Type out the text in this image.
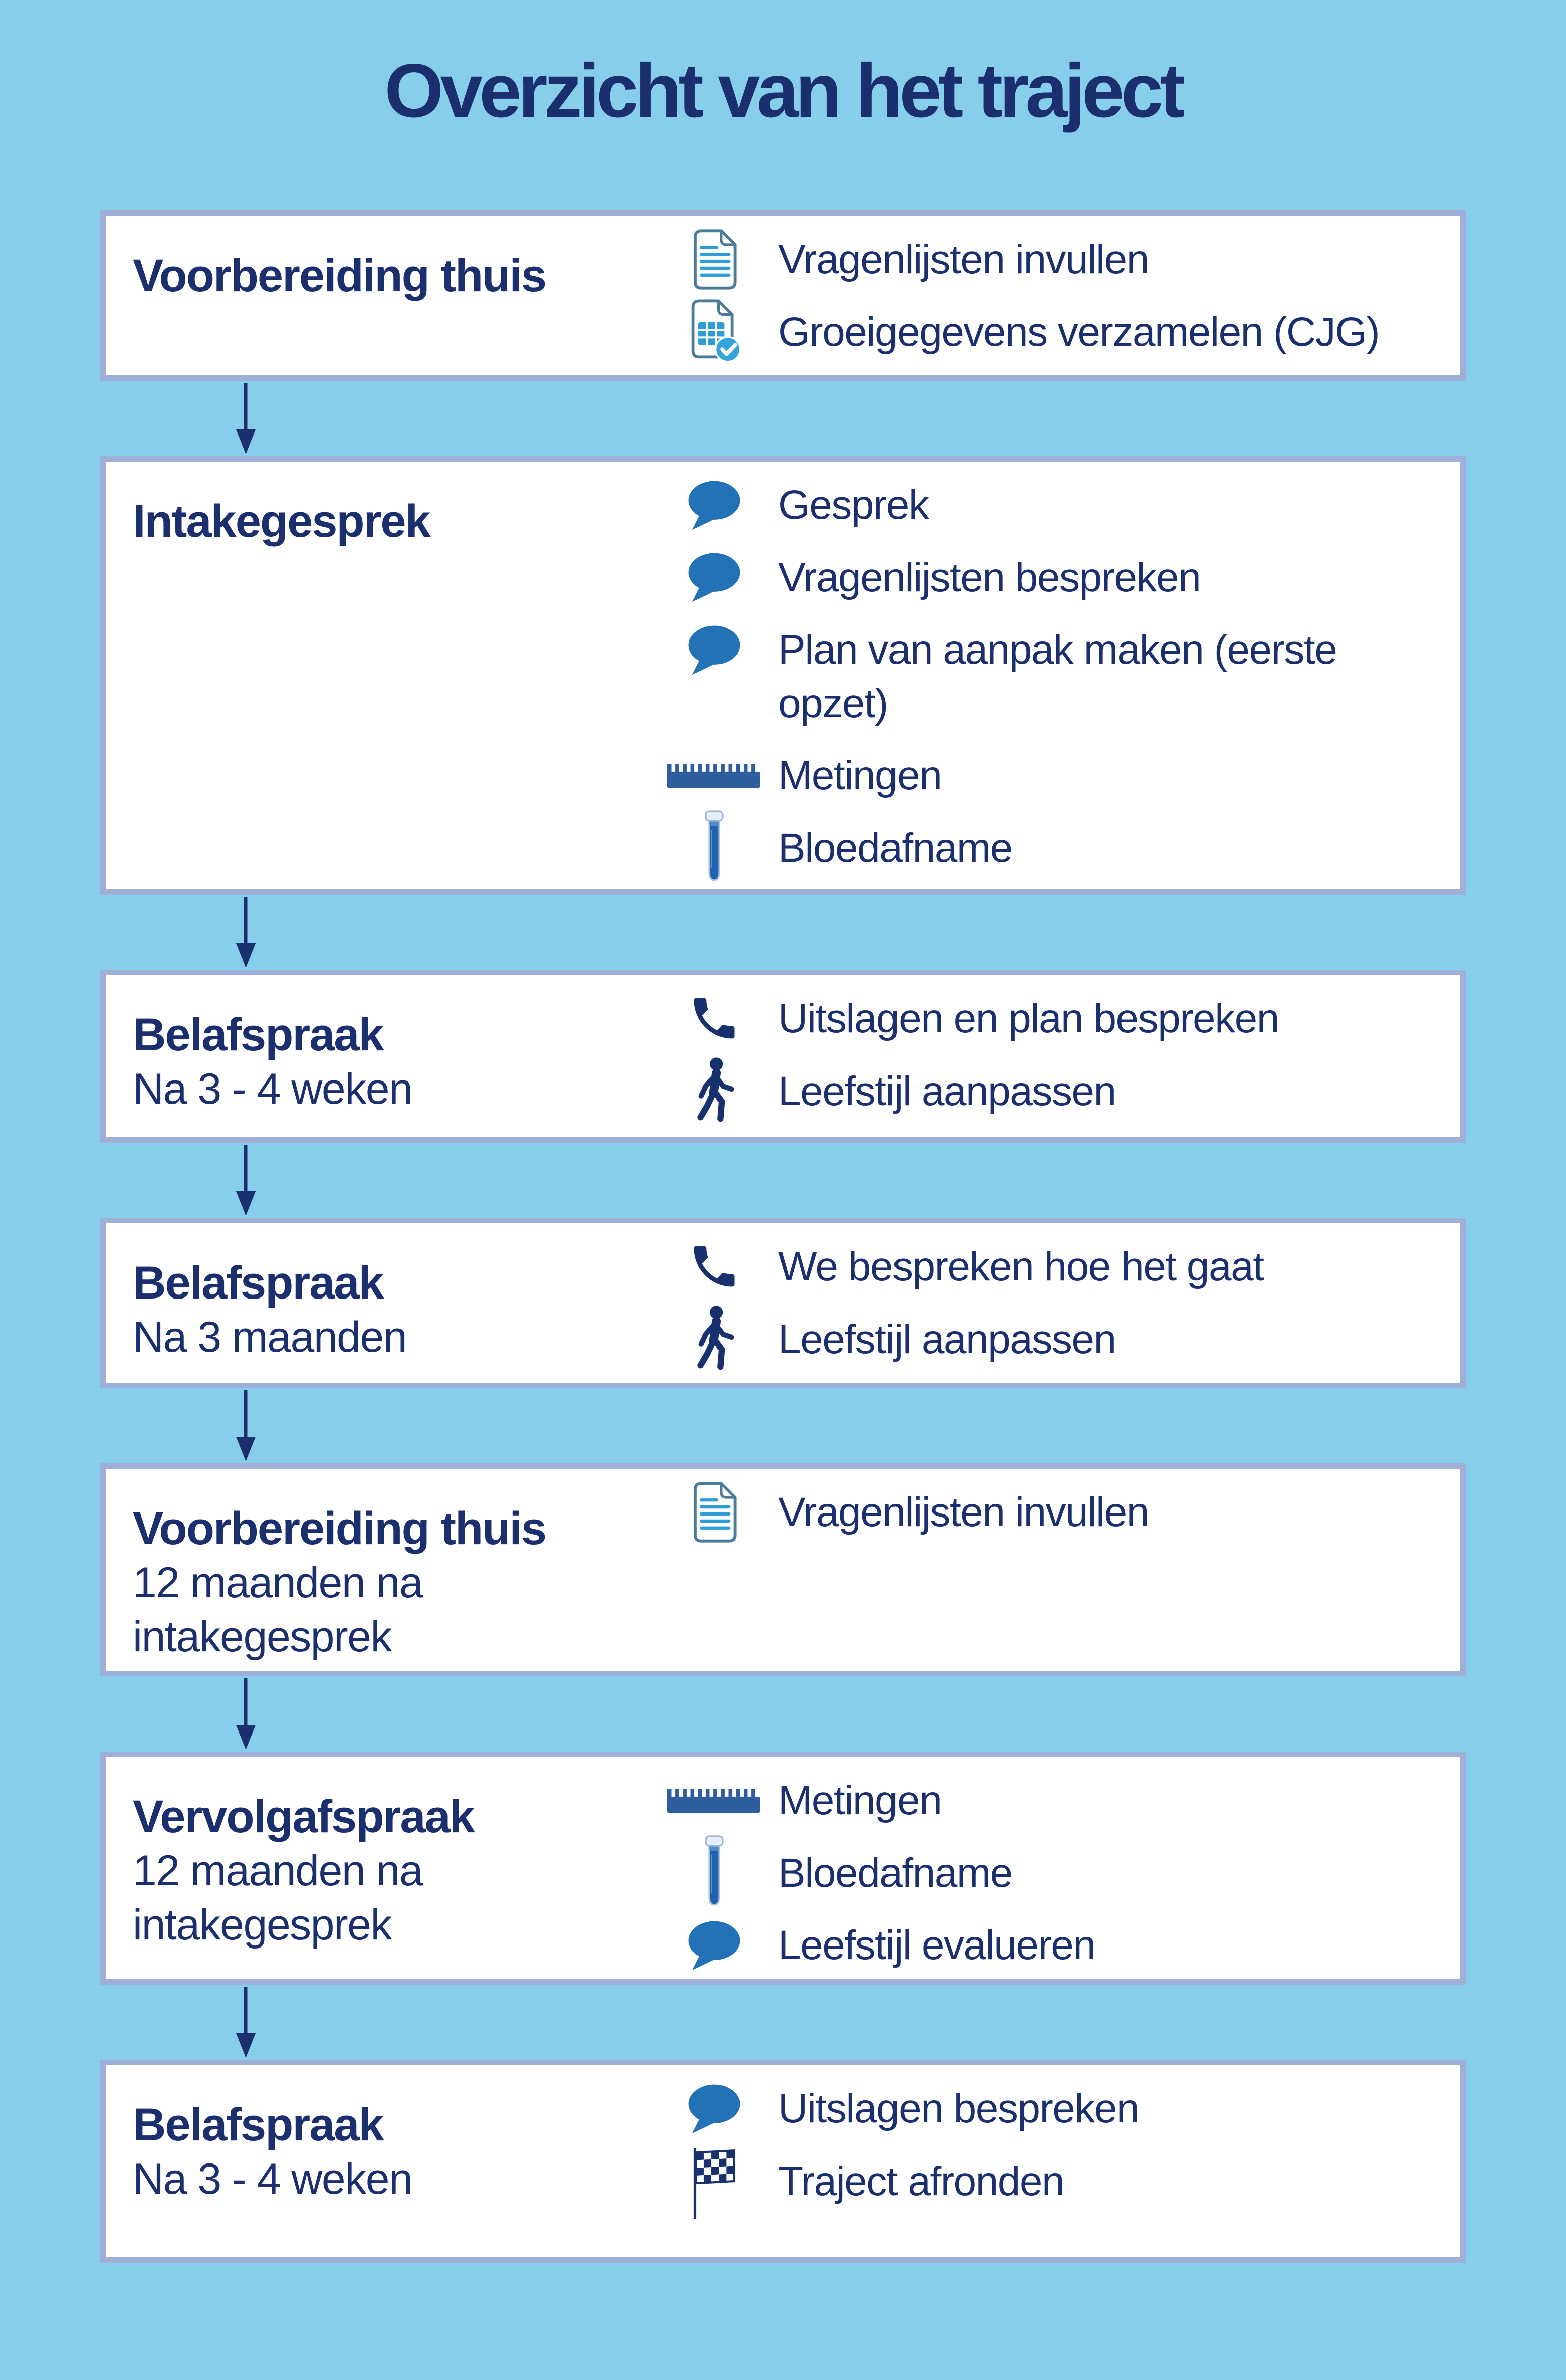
Overzicht van het traject
Voorbereiding thuis	Vragenlijsten invullen
Groeigegevens verzamelen (CJG)
Intakegesprek	Gesprek
Vragenlijsten bespreken
Plan van aanpak maken (eerste opzet)
Metingen
Bloedafname
Belafspraak

Na 3 - 4 weken

Uitslagen en plan bespreken
Leefstijl aanpassen
Belafspraak

Na 3 maanden

We bespreken hoe het gaat
Leefstijl aanpassen
Voorbereiding thuis

12 maanden na intakegesprek

Vragenlijsten invullen
Vervolgafspraak

12 maanden na intakegesprek

Metingen
Bloedafname
Leefstijl evalueren
Belafspraak

Na 3 - 4 weken

Uitslagen bespreken
Traject afronden
